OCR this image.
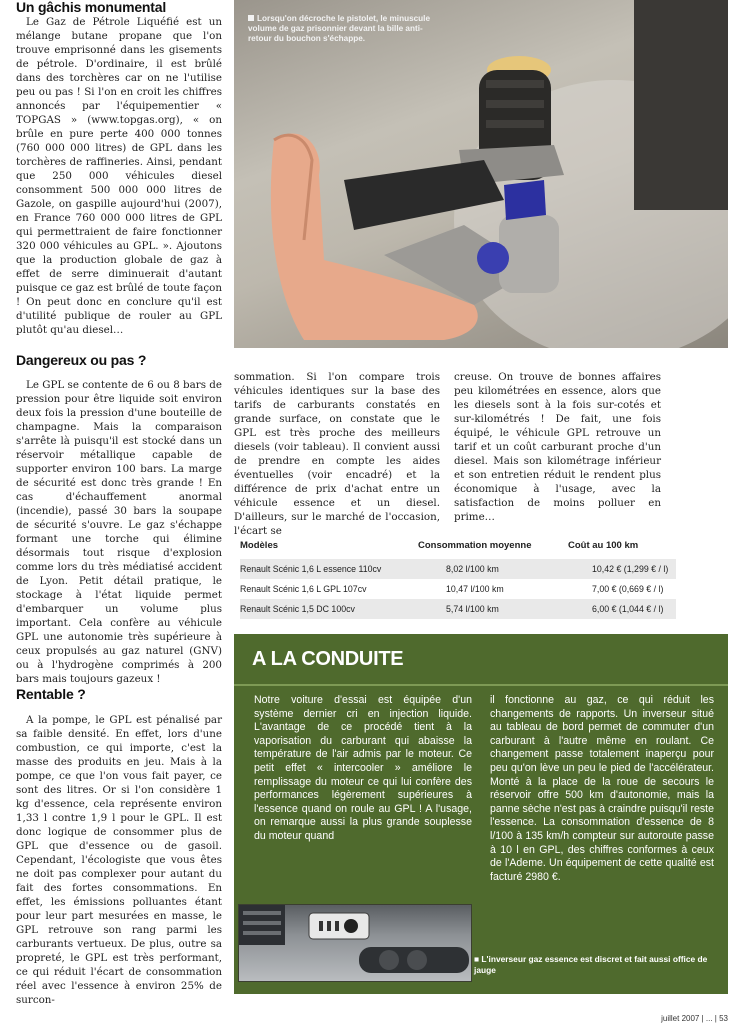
Un gâchis monumental

Le Gaz de Pétrole Liquéfié est un mélange butane propane que l'on trouve emprisonné dans les gisements de pétrole. D'ordinaire, il est brûlé dans des torchères car on ne l'utilise peu ou pas ! Si l'on en croit les chiffres annoncés par l'équipementier « TOPGAS » (www.topgas.org), « on brûle en pure perte 400 000 tonnes (760 000 000 litres) de GPL dans les torchères de raffineries. Ainsi, pendant que 250 000 véhicules diesel consomment 500 000 000 litres de Gazole, on gaspille aujourd'hui (2007), en France 760 000 000 litres de GPL qui permettraient de faire fonctionner 320 000 véhicules au GPL. ». Ajoutons que la production globale de gaz à effet de serre diminuerait d'autant puisque ce gaz est brûlé de toute façon ! On peut donc en conclure qu'il est d'utilité publique de rouler au GPL plutôt qu'au diesel…

Dangereux ou pas ?

Le GPL se contente de 6 ou 8 bars de pression pour être liquide soit environ deux fois la pression d'une bouteille de champagne. Mais la comparaison s'arrête là puisqu'il est stocké dans un réservoir métallique capable de supporter environ 100 bars. La marge de sécurité est donc très grande ! En cas d'échauffement anormal (incendie), passé 30 bars la soupape de sécurité s'ouvre. Le gaz s'échappe formant une torche qui élimine désormais tout risque d'explosion comme lors du très médiatisé accident de Lyon. Petit détail pratique, le stockage à l'état liquide permet d'embarquer un volume plus important. Cela confère au véhicule GPL une autonomie très supérieure à ceux propulsés au gaz naturel (GNV) ou à l'hydrogène comprimés à 200 bars mais toujours gazeux !

Rentable ?

A la pompe, le GPL est pénalisé par sa faible densité. En effet, lors d'une combustion, ce qui importe, c'est la masse des produits en jeu. Mais à la pompe, ce que l'on vous fait payer, ce sont des litres. Or si l'on considère 1 kg d'essence, cela représente environ 1,33 l contre 1,9 l pour le GPL. Il est donc logique de consommer plus de GPL que d'essence ou de gasoil. Cependant, l'écologiste que vous êtes ne doit pas complexer pour autant du fait des fortes consommations. En effet, les émissions polluantes étant pour leur part mesurées en masse, le GPL retrouve son rang parmi les carburants vertueux. De plus, outre sa propreté, le GPL est très performant, ce qui réduit l'écart de consommation réel avec l'essence à environ 25% de surcon-

Lorsqu'on décroche le pistolet, le minuscule volume de gaz prisonnier devant la bille anti-retour du bouchon s'échappe.

sommation. Si l'on compare trois véhicules identiques sur la base des tarifs de carburants constatés en grande surface, on constate que le GPL est très proche des meilleurs diesels (voir tableau). Il convient aussi de prendre en compte les aides éventuelles (voir encadré) et la différence de prix d'achat entre un véhicule essence et un diesel. D'ailleurs, sur le marché de l'occasion, l'écart se

creuse. On trouve de bonnes affaires peu kilométrées en essence, alors que les diesels sont à la fois sur-cotés et sur-kilométrés ! De fait, une fois équipé, le véhicule GPL retrouve un tarif et un coût carburant proche d'un diesel. Mais son kilométrage inférieur et son entretien réduit le rendent plus économique à l'usage, avec la satisfaction de moins polluer en prime…

Modèles	Consommation moyenne	Coût au 100 km
Renault Scénic 1,6 L essence 110cv	8,02 l/100 km	10,42 € (1,299 € / l)
Renault Scénic 1,6 L GPL 107cv	10,47 l/100 km	7,00 € (0,669 € / l)
Renault Scénic 1,5 DC 100cv	5,74 l/100 km	6,00 € (1,044 € / l)
A LA CONDUITE
Notre voiture d'essai est équipée d'un système dernier cri en injection liquide. L'avantage de ce procédé tient à la vaporisation du carburant qui abaisse la température de l'air admis par le moteur. Ce petit effet « intercooler » améliore le remplissage du moteur ce qui lui confère des performances légèrement supérieures à l'essence quand on roule au GPL ! A l'usage, on remarque aussi la plus grande souplesse du moteur quand
il fonctionne au gaz, ce qui réduit les changements de rapports. Un inverseur situé au tableau de bord permet de commuter d'un carburant à l'autre même en roulant. Ce changement passe totalement inaperçu pour peu qu'on lève un peu le pied de l'accélérateur. Monté à la place de la roue de secours le réservoir offre 500 km d'autonomie, mais la panne sèche n'est pas à craindre puisqu'il reste l'essence. La consommation d'essence de 8 l/100 à 135 km/h compteur sur autoroute passe à 10 l en GPL, des chiffres conformes à ceux de l'Ademe. Un équipement de cette qualité est facturé 2980 €.
■ L'inverseur gaz essence est discret et fait aussi office de jauge
juillet 2007 | ... | 53
